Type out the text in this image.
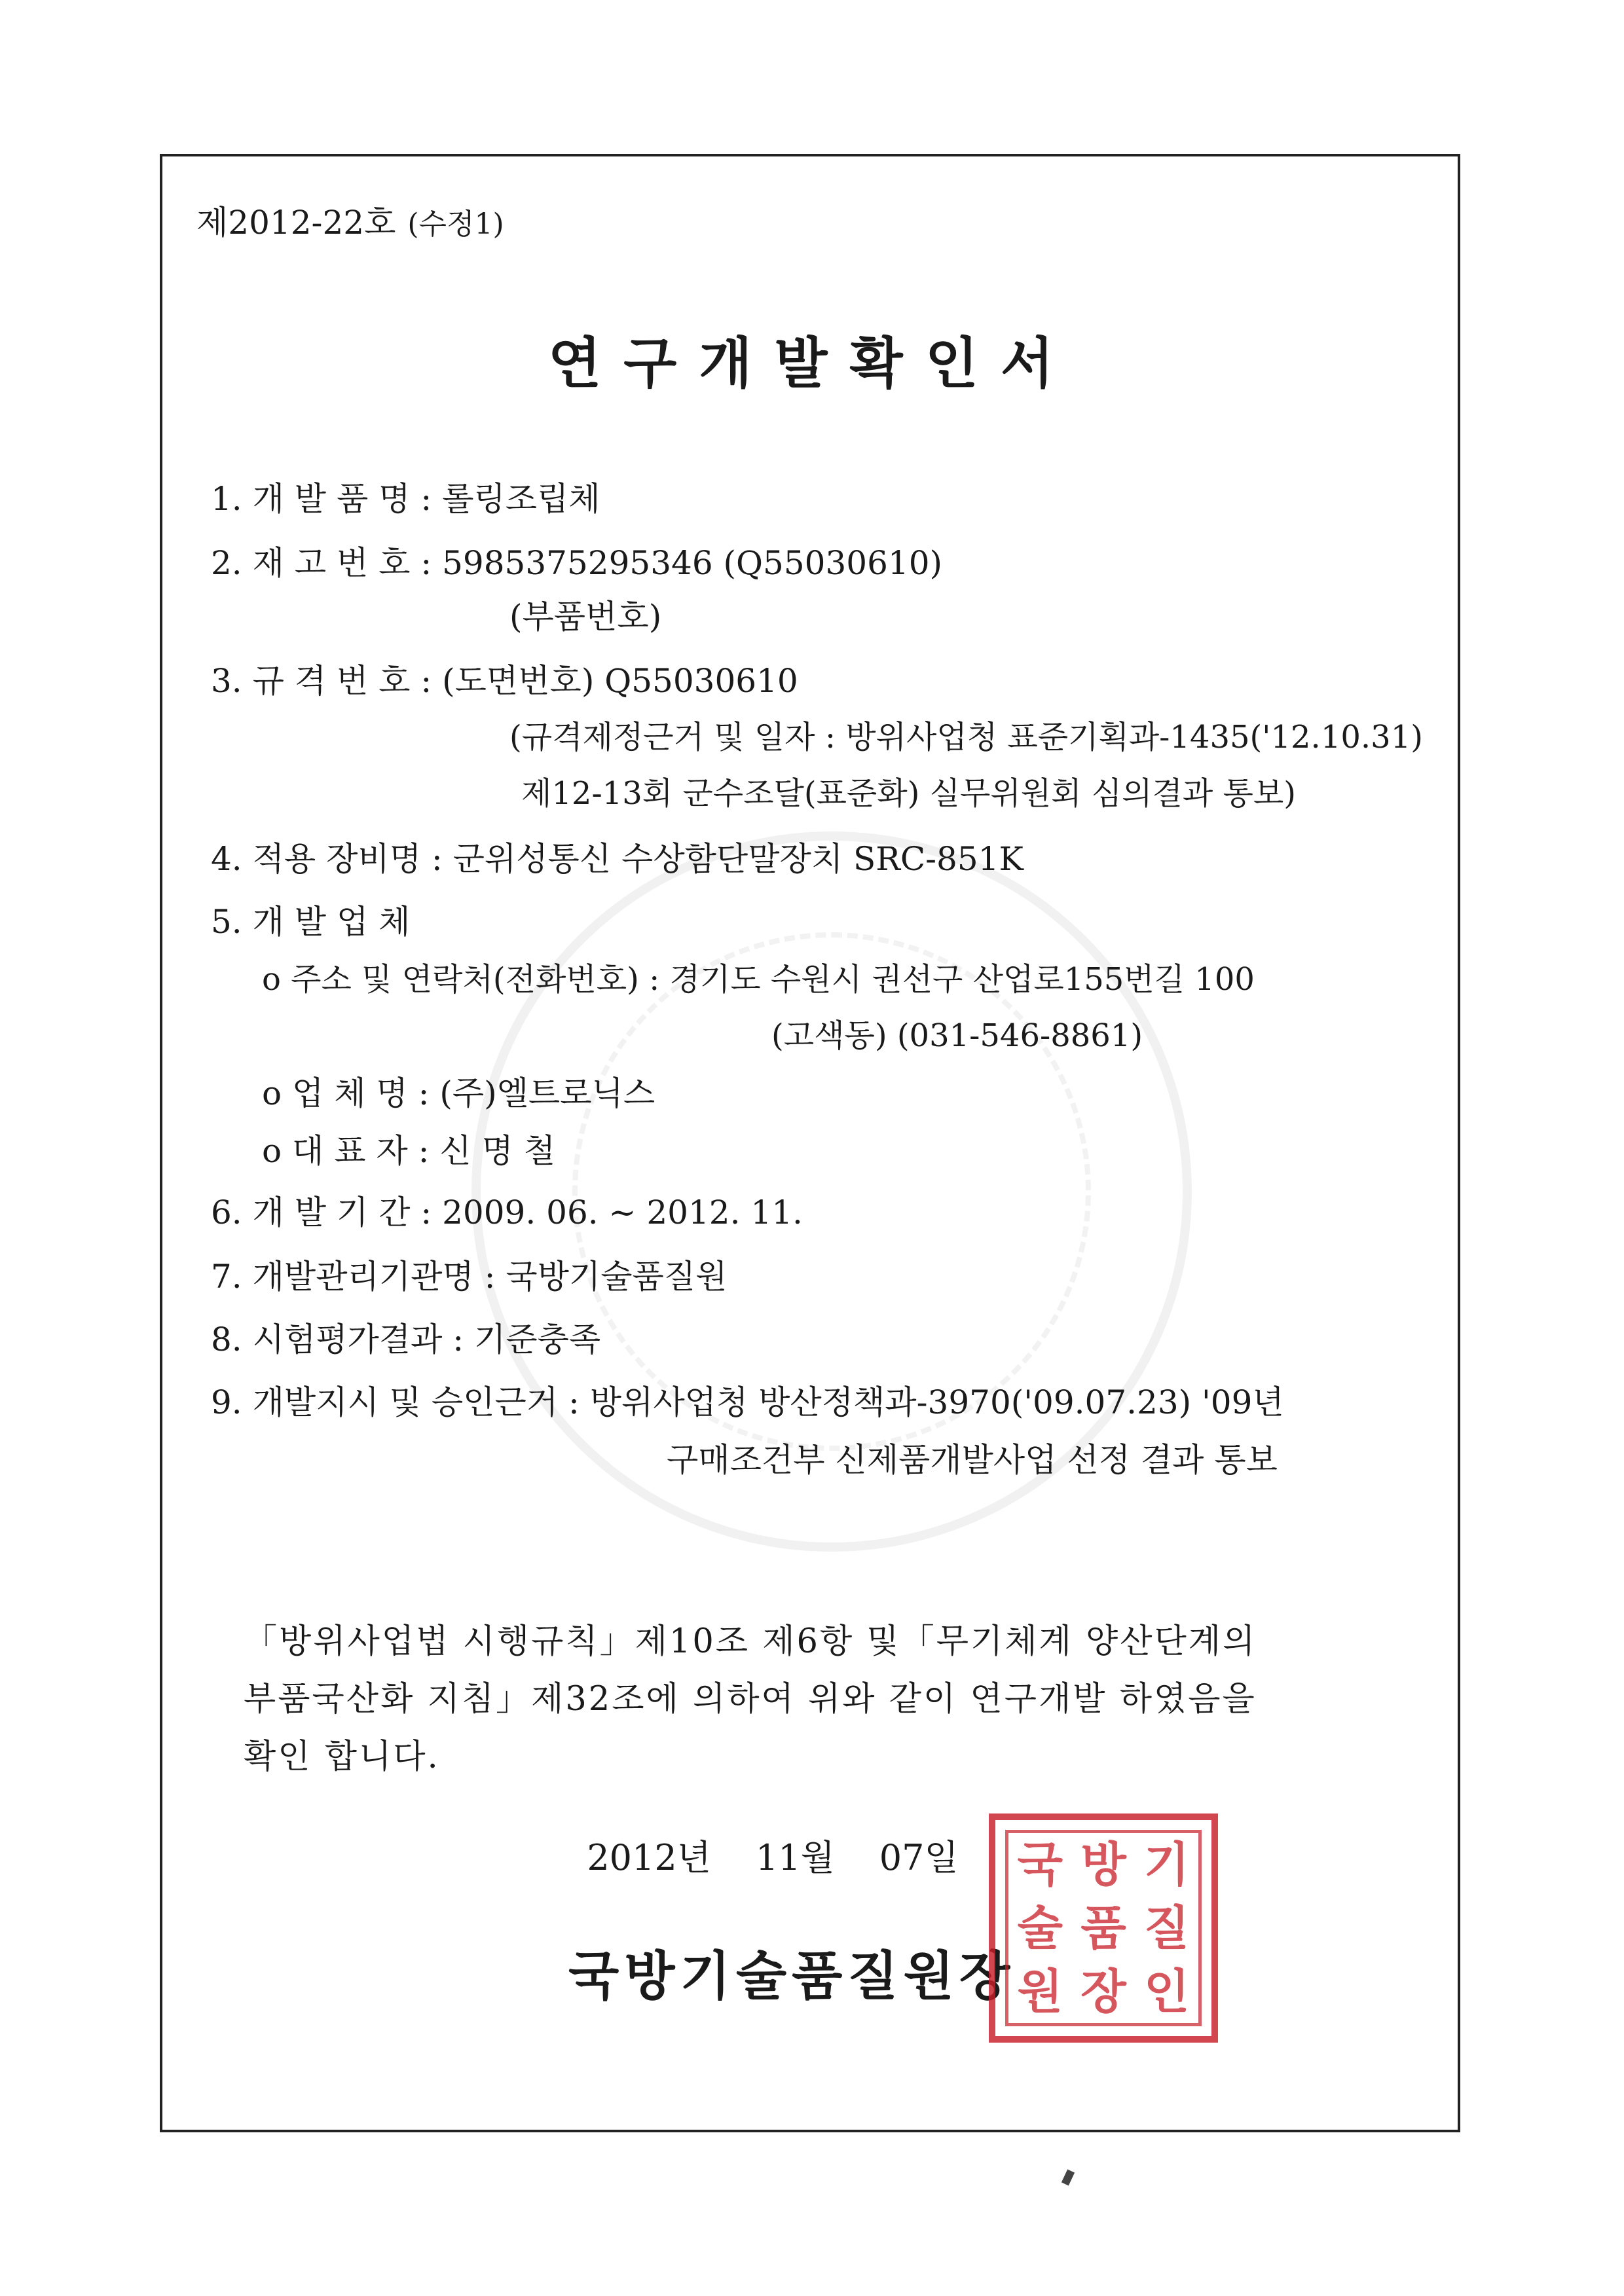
제2012-22호 (수정1)
연구개발확인서
1. 개 발 품 명 : 롤링조립체
2. 재 고 번 호 : 5985375295346 (Q55030610)
(부품번호)
3. 규 격 번 호 : (도면번호) Q55030610
(규격제정근거 및 일자 : 방위사업청 표준기획과-1435('12.10.31)
제12-13회 군수조달(표준화) 실무위원회 심의결과 통보)
4. 적용 장비명 : 군위성통신 수상함단말장치 SRC-851K
5. 개 발 업 체
o 주소 및 연락처(전화번호) : 경기도 수원시 권선구 산업로155번길 100
(고색동) (031-546-8861)
o 업 체 명 : (주)엘트로닉스
o 대 표 자 : 신 명 철
6. 개 발 기 간 : 2009. 06. ~ 2012. 11.
7. 개발관리기관명 : 국방기술품질원
8. 시험평가결과 : 기준충족
9. 개발지시 및 승인근거 : 방위사업청 방산정책과-3970('09.07.23) '09년
구매조건부 신제품개발사업 선정 결과 통보
「방위사업법 시행규칙」제10조 제6항 및「무기체계 양산단계의
부품국산화 지침」제32조에 의하여 위와 같이 연구개발 하였음을
확인 합니다.
2012년 11월 07일
국방기술품질원장
국 방 기
술 품 질
원 장 인
